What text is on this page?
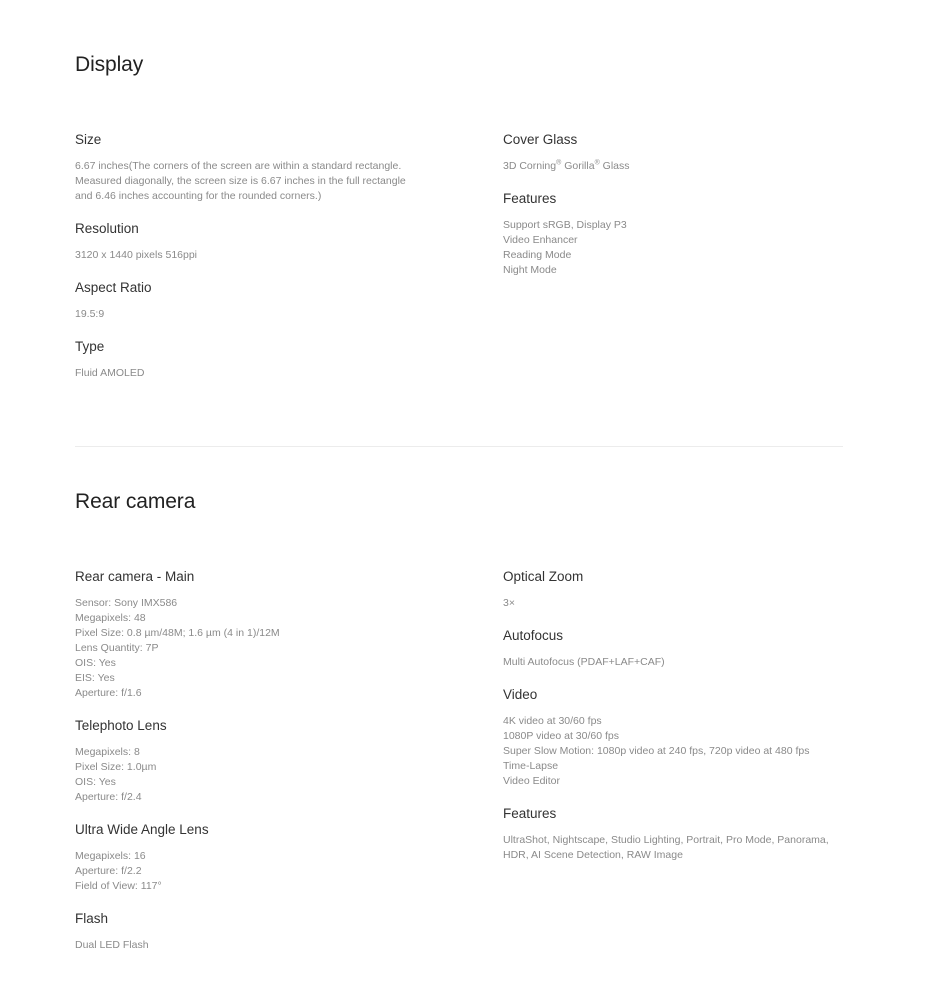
Display
Size
6.67 inches(The corners of the screen are within a standard rectangle.
Measured diagonally, the screen size is 6.67 inches in the full rectangle
and 6.46 inches accounting for the rounded corners.)
Resolution
3120 x 1440 pixels 516ppi
Aspect Ratio
19.5:9
Type
Fluid AMOLED
Cover Glass
3D Corning® Gorilla® Glass
Features
Support sRGB, Display P3
Video Enhancer
Reading Mode
Night Mode
Rear camera
Rear camera - Main
Sensor: Sony IMX586
Megapixels: 48
Pixel Size: 0.8 µm/48M; 1.6 µm (4 in 1)/12M
Lens Quantity: 7P
OIS: Yes
EIS: Yes
Aperture: f/1.6
Telephoto Lens
Megapixels: 8
Pixel Size: 1.0µm
OIS: Yes
Aperture: f/2.4
Ultra Wide Angle Lens
Megapixels: 16
Aperture: f/2.2
Field of View: 117°
Flash
Dual LED Flash
Optical Zoom
3×
Autofocus
Multi Autofocus (PDAF+LAF+CAF)
Video
4K video at 30/60 fps
1080P video at 30/60 fps
Super Slow Motion: 1080p video at 240 fps, 720p video at 480 fps
Time-Lapse
Video Editor
Features
UltraShot, Nightscape, Studio Lighting, Portrait, Pro Mode, Panorama,
HDR, AI Scene Detection, RAW Image
